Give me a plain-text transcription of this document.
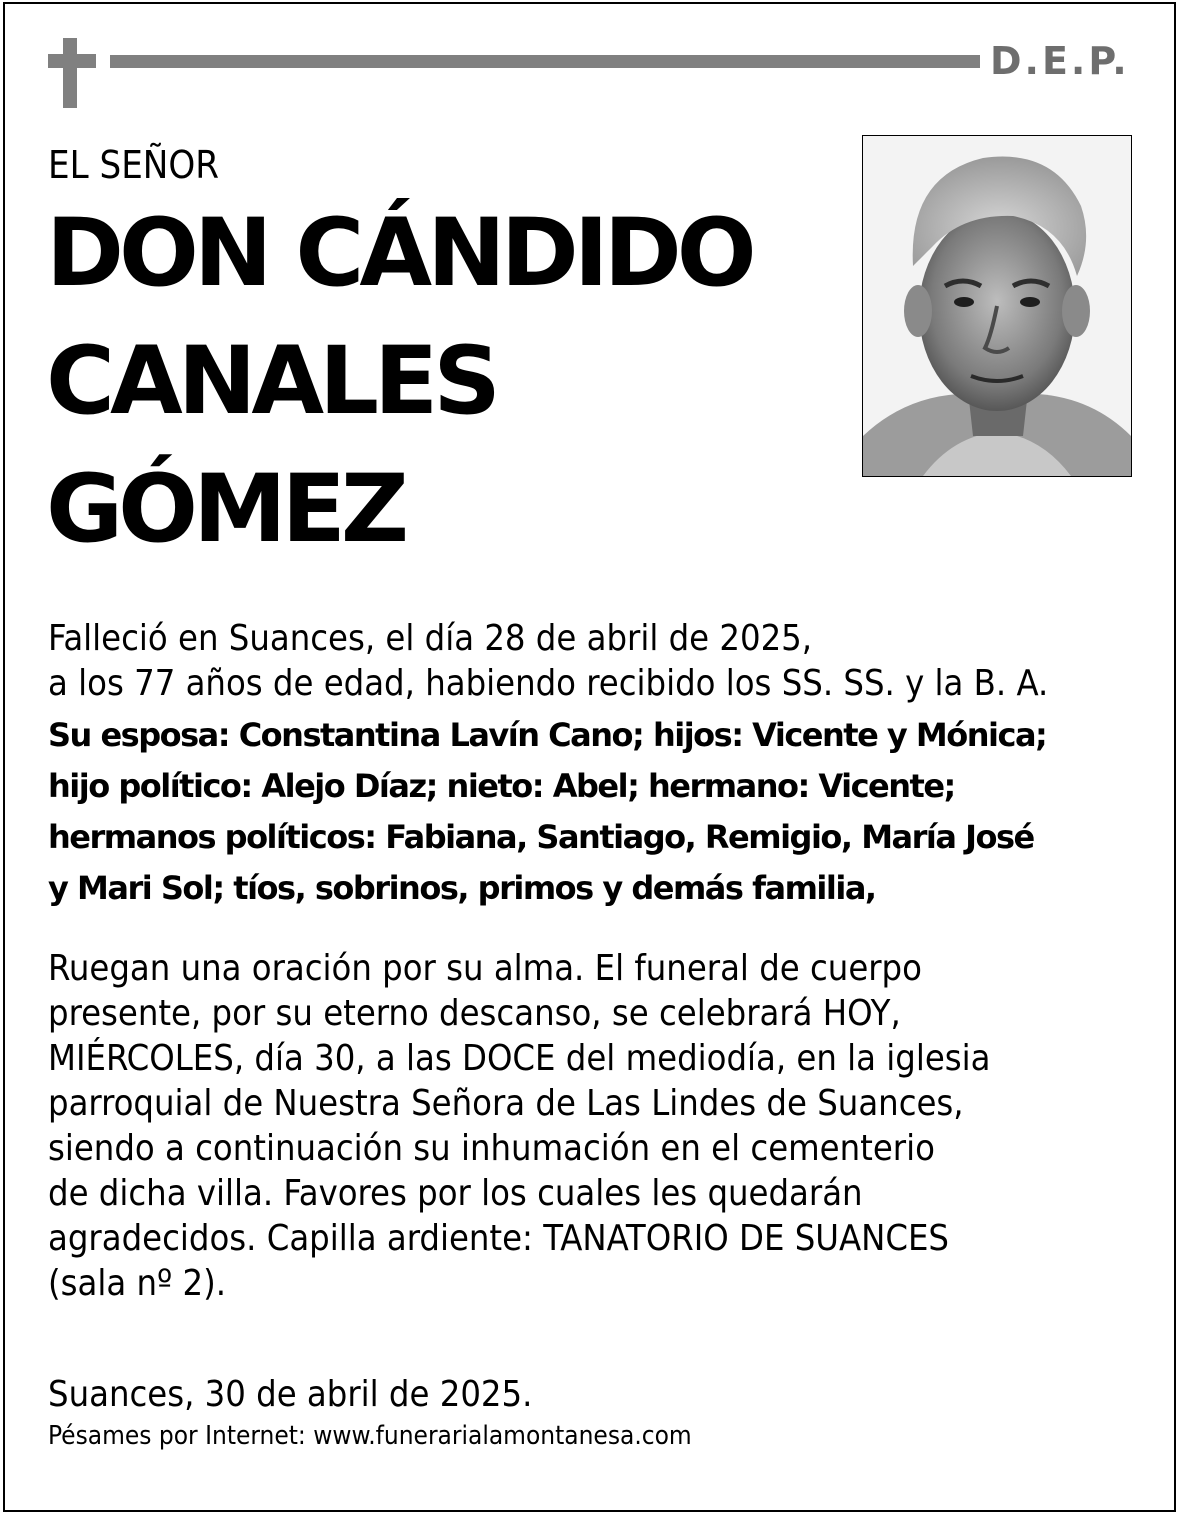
D.E.P.
EL SEÑOR
DON CÁNDIDO
CANALES
GÓMEZ

Falleció en Suances, el día 28 de abril de 2025,
a los 77 años de edad, habiendo recibido los SS. SS. y la B. A.

Su esposa: Constantina Lavín Cano; hijos: Vicente y Mónica;
hijo político: Alejo Díaz; nieto: Abel; hermano: Vicente;
hermanos políticos: Fabiana, Santiago, Remigio, María José
y Mari Sol; tíos, sobrinos, primos y demás familia,

Ruegan una oración por su alma. El funeral de cuerpo
presente, por su eterno descanso, se celebrará HOY,
MIÉRCOLES, día 30, a las DOCE del mediodía, en la iglesia
parroquial de Nuestra Señora de Las Lindes de Suances,
siendo a continuación su inhumación en el cementerio
de dicha villa. Favores por los cuales les quedarán
agradecidos. Capilla ardiente: TANATORIO DE SUANCES
(sala nº 2).

Suances, 30 de abril de 2025.

Pésames por Internet: www.funerarialamontanesa.com
